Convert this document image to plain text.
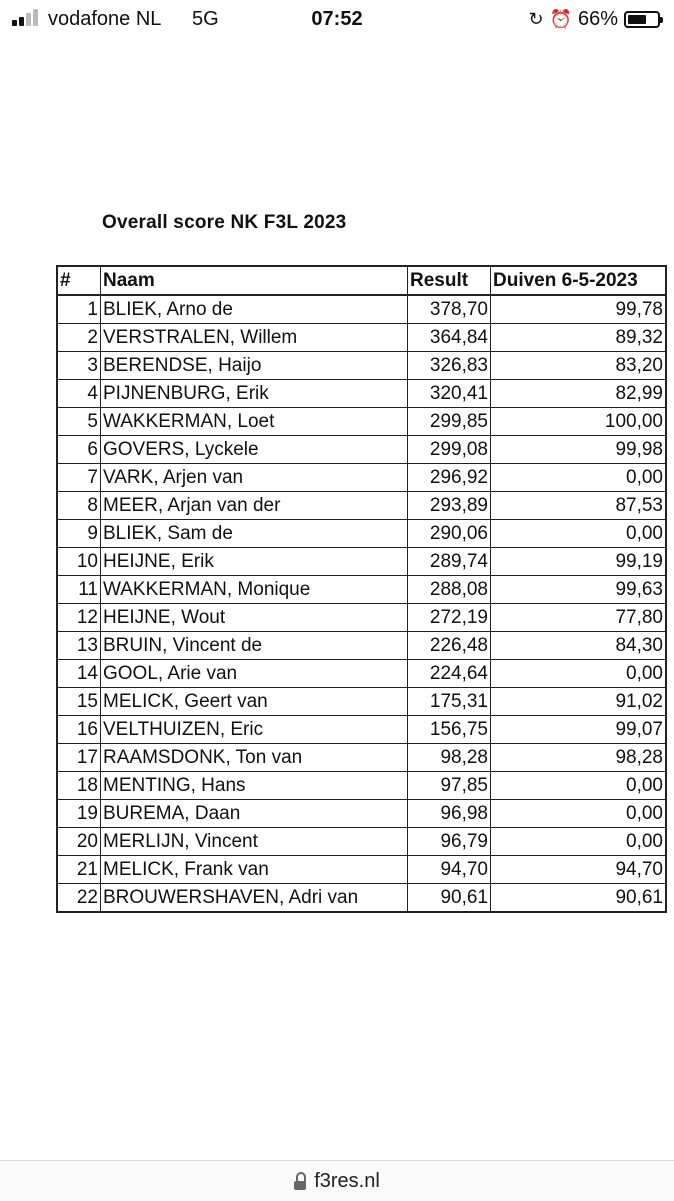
vodafone NL 5G	07:52	↻ ⏰ 66%
Overall score NK F3L 2023
#	Naam	Result	Duiven 6-5-2023
1	BLIEK, Arno de	378,70	99,78
2	VERSTRALEN, Willem	364,84	89,32
3	BERENDSE, Haijo	326,83	83,20
4	PIJNENBURG, Erik	320,41	82,99
5	WAKKERMAN, Loet	299,85	100,00
6	GOVERS, Lyckele	299,08	99,98
7	VARK, Arjen van	296,92	0,00
8	MEER, Arjan van der	293,89	87,53
9	BLIEK, Sam de	290,06	0,00
10	HEIJNE, Erik	289,74	99,19
11	WAKKERMAN, Monique	288,08	99,63
12	HEIJNE, Wout	272,19	77,80
13	BRUIN, Vincent de	226,48	84,30
14	GOOL, Arie van	224,64	0,00
15	MELICK, Geert van	175,31	91,02
16	VELTHUIZEN, Eric	156,75	99,07
17	RAAMSDONK, Ton van	98,28	98,28
18	MENTING, Hans	97,85	0,00
19	BUREMA, Daan	96,98	0,00
20	MERLIJN, Vincent	96,79	0,00
21	MELICK, Frank van	94,70	94,70
22	BROUWERSHAVEN, Adri van	90,61	90,61
f3res.nl
